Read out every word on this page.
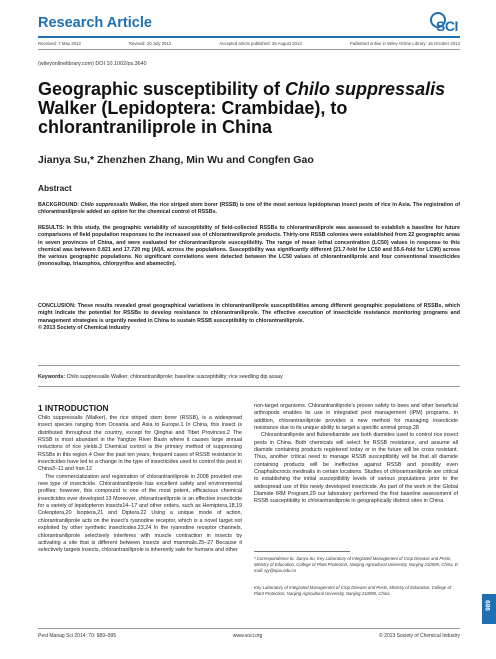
Research Article	SCI
Received: 7 May 2013	Revised: 20 July 2013	Accepted article published: 28 August 2013	Published online in Wiley Online Library: 16 October 2013
(wileyonlinelibrary.com) DOI 10.1002/ps.3640
Geographic susceptibility of Chilo suppressalis Walker (Lepidoptera: Crambidae), to chlorantraniliprole in China
Jianya Su,* Zhenzhen Zhang, Min Wu and Congfen Gao
Abstract
BACKGROUND: Chilo suppressalis Walker, the rice striped stem borer (RSSB) is one of the most serious lepidopteran insect pests of rice in Asia. The registration of chlorantraniliprole added an option for the chemical control of RSSBs.
RESULTS: In this study, the geographic variability of susceptibility of field-collected RSSBs to chlorantraniliprole was assessed to establish a baseline for future comparisons of field population responses to the increased use of chlorantraniliprole products. Thirty-one RSSB colonies were established from 22 geographic areas in seven provinces of China, and were evaluated for chlorantraniliprole susceptibility. The range of mean lethal concentration (LC50) values in response to this chemical was between 0.821 and 17.720 mg (AI)/L across the populations. Susceptibility was significantly different (21.7-fold for LC50 and 55.6-fold for LC90) across the various geographic populations. No significant correlations were detected between the LC50 values of chlorantraniliprole and four conventional insecticides (monosultap, triazophos, chlorpyrifos and abamectin).
CONCLUSION: These results revealed great geographical variations in chlorantraniliprole susceptibilities among different geographic populations of RSSBs, which might indicate the potential for RSSBs to develop resistance to chlorantraniliprole. The effective execution of insecticide resistance monitoring programs and management strategies is urgently needed in China to sustain RSSB susceptibility to chlorantraniliprole.
© 2013 Society of Chemical Industry
Keywords: Chilo suppressalis Walker; chlorantraniliprole; baseline susceptibility; rice seedling dip assay
1 INTRODUCTION

Chilo suppressalis (Walker), the rice striped stem borer (RSSB), is a widespread insect species ranging from Oceania and Asia to Europe.1 In China, this insect is distributed throughout the country, except for Qinghai and Tibet Provinces.2 The RSSB is most abundant in the Yangtze River Basin where it causes large annual reductions of rice yields.3 Chemical control is the primary method of suppressing RSSBs in this region.4 Over the past ten years, frequent cases of RSSB resistance to insecticides have led to a change in the type of insecticides used to control this pest in China3–11 and Iran.12

The commercialization and registration of chlorantraniliprole in 2008 provided one new type of insecticide. Chlorantraniliprole has excellent safety and environmental profiles; however, this compound is one of the most potent, efficacious chemical insecticides ever developed.13 Moreover, chlorantraniliprole is an effective insecticide for a variety of lepidopteron insects14–17 and other orders, such as Hemiptera,18,19 Coleoptera,20 Isoptera,21 and Diptera.22 Using a unique mode of action, chlorantraniliprole acts on the insect's ryanodine receptor, which is a novel target not exploited by other synthetic insecticides.23,24 In the ryanodine receptor channels, chlorantraniliprole selectively interferes with muscle contraction in insects by activating a site that is different between insects and mammals.25–27 Because it selectively targets insects, chlorantraniliprole is inherently safe for humans and other

non-target organisms. Chlorantraniliprole's proven safety to bees and other beneficial arthropods enables its use in integrated pest management (IPM) programs. In addition, chlorantraniliprole provides a new method for managing insecticide resistance due to its unique ability to target a specific animal group.28

Chlorantraniliprole and flubendiamide are both diamides used to control rice insect pests in China. Both chemicals will select for RSSB resistance, and assume all diamide containing products registered today or in the future will be cross resistant. Thus, another critical need to manage RSSB susceptibility will be that all diamide containing products will be ineffective against RSSB and possibly even Cnaphalocrocis medinalis in certain locations. Studies of chlorantraniliprole are critical to establishing the initial susceptibility levels of various populations prior to the widespread use of this newly developed insecticide. As part of the work in the Global Diamide IRM Program,29 our laboratory performed the first baseline assessment of RSSB susceptibility to chlorantraniliprole in geographically distinct sites in China.

* Correspondence to: Jianya Su, Key Laboratory of Integrated Management of Crop Disease and Pests, Ministry of Education, College of Plant Protection, Nanjing Agricultural University, Nanjing 210095, China. E-mail: sjy@njau.edu.cn
Key Laboratory of Integrated Management of Crop Disease and Pests, Ministry of Education, College of Plant Protection, Nanjing Agricultural University, Nanjing 210095, China
989
Pest Manag Sci 2014; 70: 989–995	www.soci.org	© 2013 Society of Chemical Industry
